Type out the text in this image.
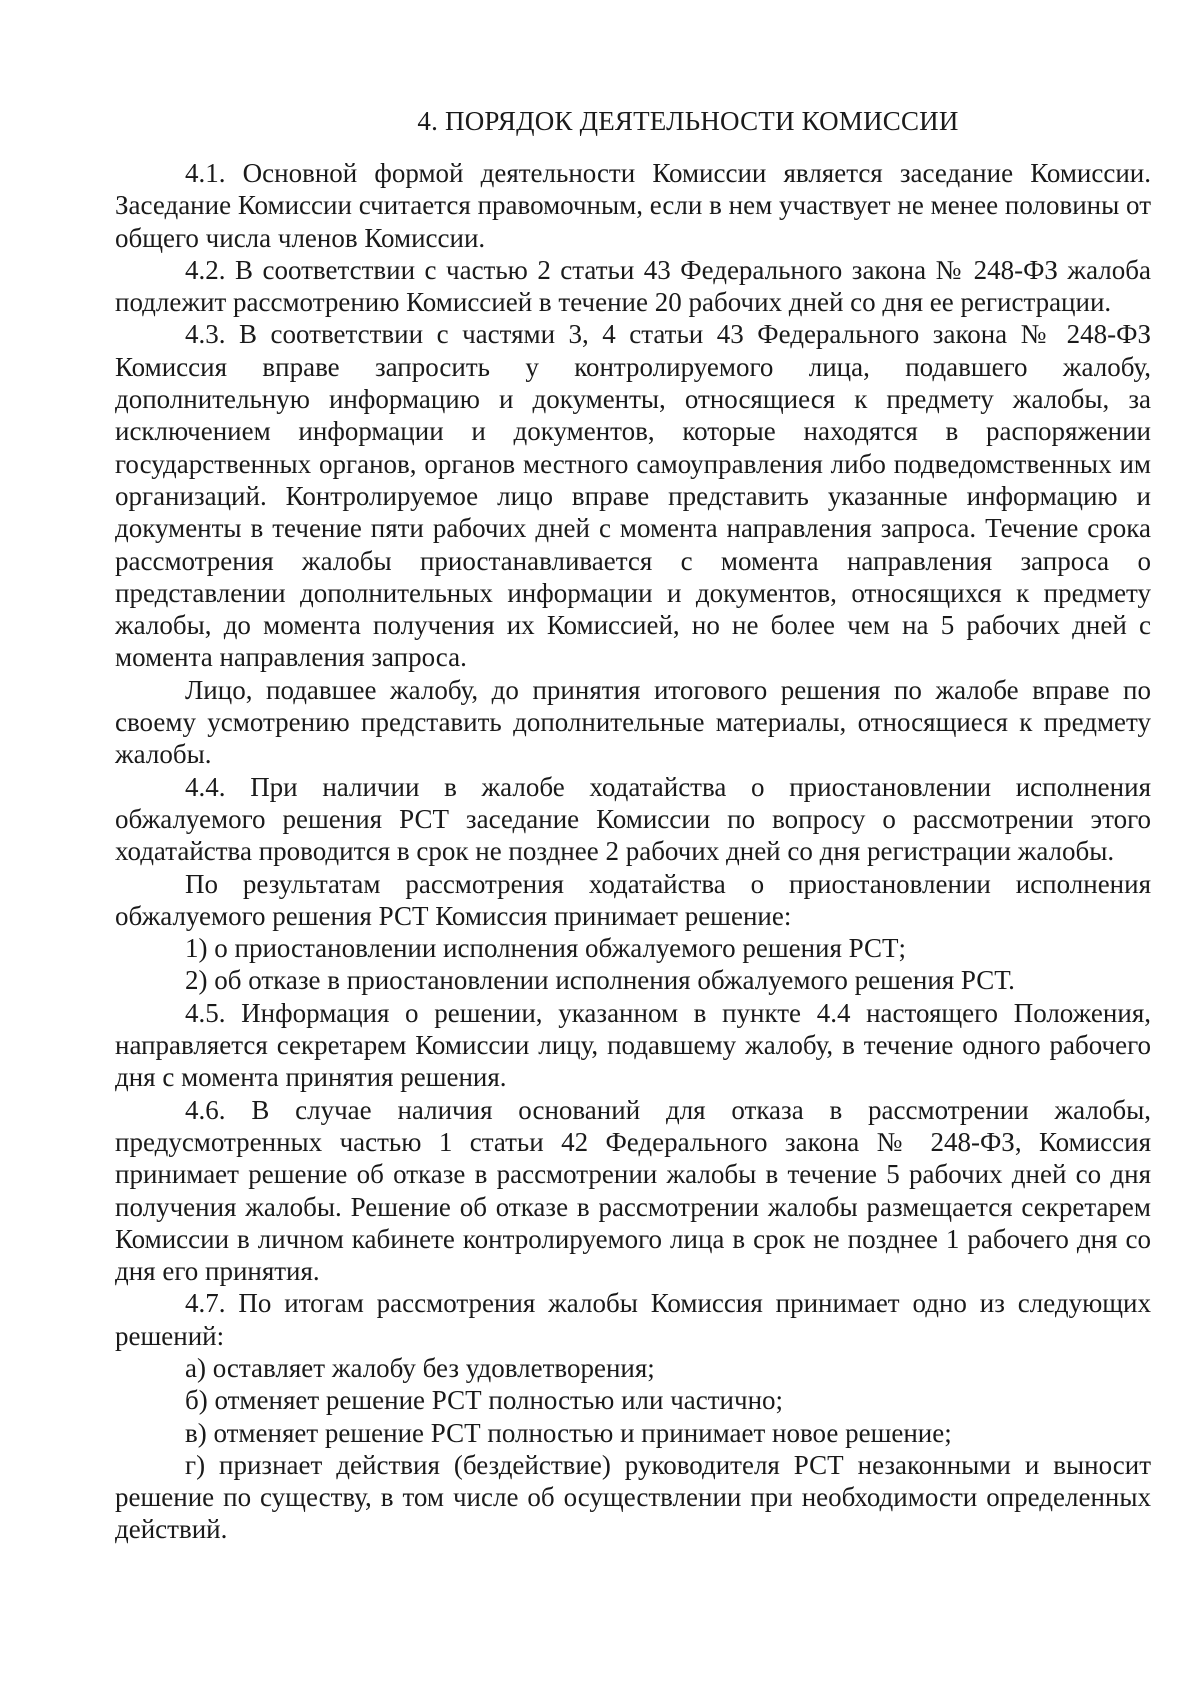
4. ПОРЯДОК ДЕЯТЕЛЬНОСТИ КОМИССИИ

4.1. Основной формой деятельности Комиссии является заседание Комиссии. Заседание Комиссии считается правомочным, если в нем участвует не менее половины от общего числа членов Комиссии.

4.2. В соответствии с частью 2 статьи 43 Федерального закона № 248-ФЗ жалоба подлежит рассмотрению Комиссией в течение 20 рабочих дней со дня ее регистрации.

4.3. В соответствии с частями 3, 4 статьи 43 Федерального закона № 248-ФЗ Комиссия вправе запросить у контролируемого лица, подавшего жалобу, дополнительную информацию и документы, относящиеся к предмету жалобы, за исключением информации и документов, которые находятся в распоряжении государственных органов, органов местного самоуправления либо подведомственных им организаций. Контролируемое лицо вправе представить указанные информацию и документы в течение пяти рабочих дней с момента направления запроса. Течение срока рассмотрения жалобы приостанавливается с момента направления запроса о представлении дополнительных информации и документов, относящихся к предмету жалобы, до момента получения их Комиссией, но не более чем на 5 рабочих дней с момента направления запроса.

Лицо, подавшее жалобу, до принятия итогового решения по жалобе вправе по своему усмотрению представить дополнительные материалы, относящиеся к предмету жалобы.

4.4. При наличии в жалобе ходатайства о приостановлении исполнения обжалуемого решения РСТ заседание Комиссии по вопросу о рассмотрении этого ходатайства проводится в срок не позднее 2 рабочих дней со дня регистрации жалобы.

По результатам рассмотрения ходатайства о приостановлении исполнения обжалуемого решения РСТ Комиссия принимает решение:

1) о приостановлении исполнения обжалуемого решения РСТ;

2) об отказе в приостановлении исполнения обжалуемого решения РСТ.

4.5. Информация о решении, указанном в пункте 4.4 настоящего Положения, направляется секретарем Комиссии лицу, подавшему жалобу, в течение одного рабочего дня с момента принятия решения.

4.6. В случае наличия оснований для отказа в рассмотрении жалобы, предусмотренных частью 1 статьи 42 Федерального закона № 248-ФЗ, Комиссия принимает решение об отказе в рассмотрении жалобы в течение 5 рабочих дней со дня получения жалобы. Решение об отказе в рассмотрении жалобы размещается секретарем Комиссии в личном кабинете контролируемого лица в срок не позднее 1 рабочего дня со дня его принятия.

4.7. По итогам рассмотрения жалобы Комиссия принимает одно из следующих решений:

а) оставляет жалобу без удовлетворения;

б) отменяет решение РСТ полностью или частично;

в) отменяет решение РСТ полностью и принимает новое решение;

г) признает действия (бездействие) руководителя РСТ незаконными и выносит решение по существу, в том числе об осуществлении при необходимости определенных действий.
